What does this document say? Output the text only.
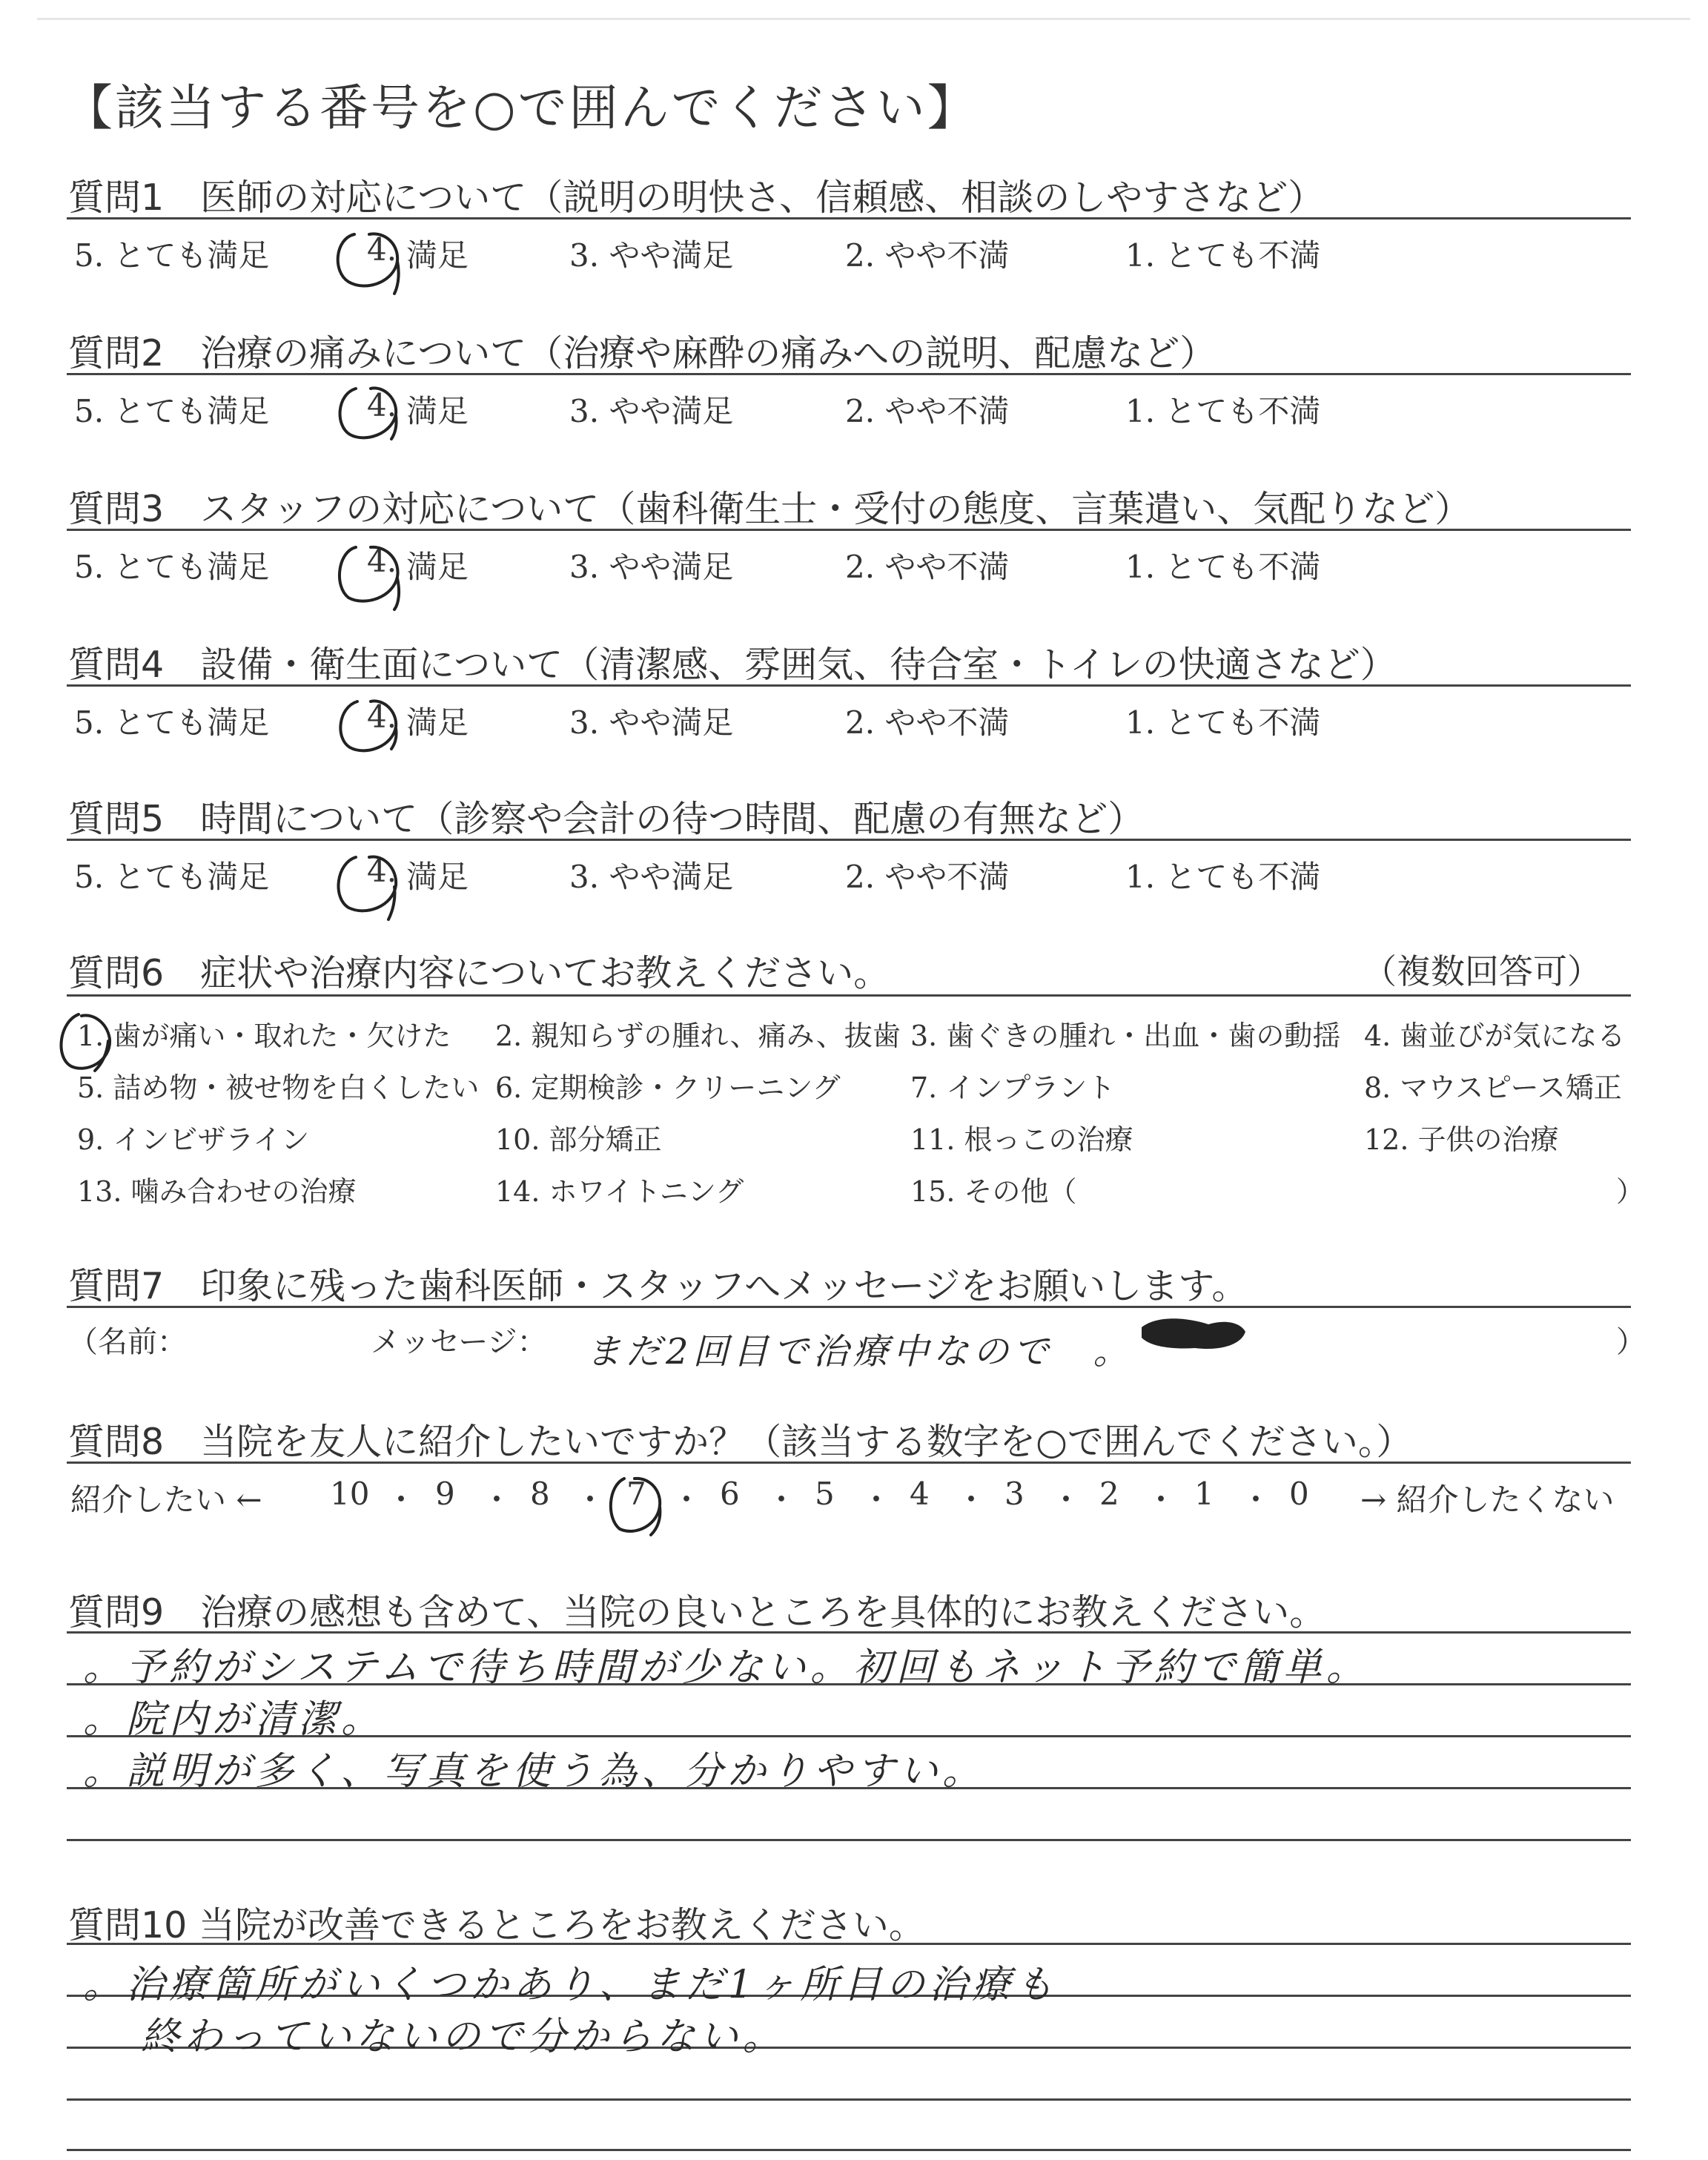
【該当する番号を○で囲んでください】
質問1　医師の対応について（説明の明快さ、信頼感、相談のしやすさなど）
5. とても満足	4. 満足	3. やや満足	2. やや不満	1. とても不満
質問2　治療の痛みについて（治療や麻酔の痛みへの説明、配慮など）
5. とても満足	4. 満足	3. やや満足	2. やや不満	1. とても不満
質問3　スタッフの対応について（歯科衛生士・受付の態度、言葉遣い、気配りなど）
5. とても満足	4. 満足	3. やや満足	2. やや不満	1. とても不満
質問4　設備・衛生面について（清潔感、雰囲気、待合室・トイレの快適さなど）
5. とても満足	4. 満足	3. やや満足	2. やや不満	1. とても不満
質問5　時間について（診察や会計の待つ時間、配慮の有無など）
5. とても満足	4. 満足	3. やや満足	2. やや不満	1. とても不満
質問6　症状や治療内容についてお教えください。	（複数回答可）
1. 歯が痛い・取れた・欠けた 2. 親知らずの腫れ、痛み、抜歯 3. 歯ぐきの腫れ・出血・歯の動揺 4. 歯並びが気になる
5. 詰め物・被せ物を白くしたい 6. 定期検診・クリーニング 7. インプラント	8. マウスピース矯正
9. インビザライン	10. 部分矯正	11. 根っこの治療	12. 子供の治療
13. 噛み合わせの治療	14. ホワイトニング	15. その他（	）
質問7　印象に残った歯科医師・スタッフへメッセージをお願いします。
（名前：	メッセージ： まだ2回目で治療中なので　。	）
質問8　当院を友人に紹介したいですか？（該当する数字を○で囲んでください。）
紹介したい ← 10 ・ 9 ・ 8 ・ 7 ・ 6 ・ 5 ・ 4 ・ 3 ・ 2 ・ 1 ・ 0 → 紹介したくない
質問9　治療の感想も含めて、当院の良いところを具体的にお教えください。
。予約がシステムで待ち時間が少ない。初回もネット予約で簡単。
。院内が清潔。
。説明が多く、写真を使う為、分かりやすい。
質問10 当院が改善できるところをお教えください。
。治療箇所がいくつかあり、まだ1ヶ所目の治療も
終わっていないので分からない。
